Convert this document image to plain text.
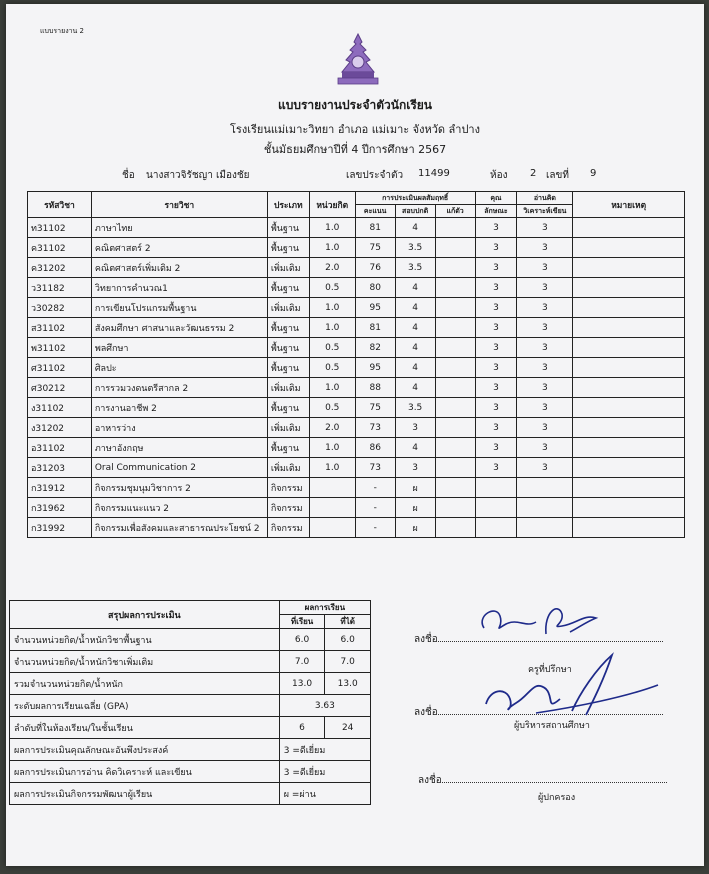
แบบรายงาน 2
แบบรายงานประจำตัวนักเรียน
โรงเรียนแม่เมาะวิทยา อำเภอ แม่เมาะ จังหวัด ลำปาง
ชั้นมัธยมศึกษาปีที่ 4 ปีการศึกษา 2567
ชื่อ นางสาวจิรัชญา เมืองชัย	เลขประจำตัว 11499	ห้อง 2 เลขที่ 9
รหัสวิชา	รายวิชา	ประเภท	หน่วยกิต	การประเมินผลสัมฤทธิ์			คุณ	อ่านคิด	หมายเหตุ
				คะแนน	สอบปกติ	แก้ตัว	ลักษณะ	วิเคราะห์เขียน	
ท31102	ภาษาไทย	พื้นฐาน	1.0	81	4		3	3	
ค31102	คณิตศาสตร์ 2	พื้นฐาน	1.0	75	3.5		3	3	
ค31202	คณิตศาสตร์เพิ่มเติม 2	เพิ่มเติม	2.0	76	3.5		3	3	
ว31182	วิทยาการคำนวณ1	พื้นฐาน	0.5	80	4		3	3	
ว30282	การเขียนโปรแกรมพื้นฐาน	เพิ่มเติม	1.0	95	4		3	3	
ส31102	สังคมศึกษา ศาสนาและวัฒนธรรม 2	พื้นฐาน	1.0	81	4		3	3	
พ31102	พลศึกษา	พื้นฐาน	0.5	82	4		3	3	
ศ31102	ศิลปะ	พื้นฐาน	0.5	95	4		3	3	
ศ30212	การรวมวงดนตรีสากล 2	เพิ่มเติม	1.0	88	4		3	3	
ง31102	การงานอาชีพ 2	พื้นฐาน	0.5	75	3.5		3	3	
ง31202	อาหารว่าง	เพิ่มเติม	2.0	73	3		3	3	
อ31102	ภาษาอังกฤษ	พื้นฐาน	1.0	86	4		3	3	
อ31203	Oral Communication 2	เพิ่มเติม	1.0	73	3		3	3	
ก31912	กิจกรรมชุมนุมวิชาการ 2	กิจกรรม		-	ผ				
ก31962	กิจกรรมแนะแนว 2	กิจกรรม		-	ผ				
ก31992	กิจกรรมเพื่อสังคมและสาธารณประโยชน์ 2	กิจกรรม		-	ผ				
สรุปผลการประเมิน	ผลการเรียน	
	ที่เรียน	ที่ได้
จำนวนหน่วยกิต/น้ำหนักวิชาพื้นฐาน	6.0	6.0
จำนวนหน่วยกิต/น้ำหนักวิชาเพิ่มเติม	7.0	7.0
รวมจำนวนหน่วยกิต/น้ำหนัก	13.0	13.0
ระดับผลการเรียนเฉลี่ย (GPA)	3.63	
ลำดับที่ในห้องเรียน/ในชั้นเรียน	6	24
ผลการประเมินคุณลักษณะอันพึงประสงค์	3 =ดีเยี่ยม	
ผลการประเมินการอ่าน คิดวิเคราะห์ และเขียน	3 =ดีเยี่ยม	
ผลการประเมินกิจกรรมพัฒนาผู้เรียน	ผ =ผ่าน	
ลงชื่อ
ครูที่ปรึกษา
ลงชื่อ
ผู้บริหารสถานศึกษา
ลงชื่อ
ผู้ปกครอง
